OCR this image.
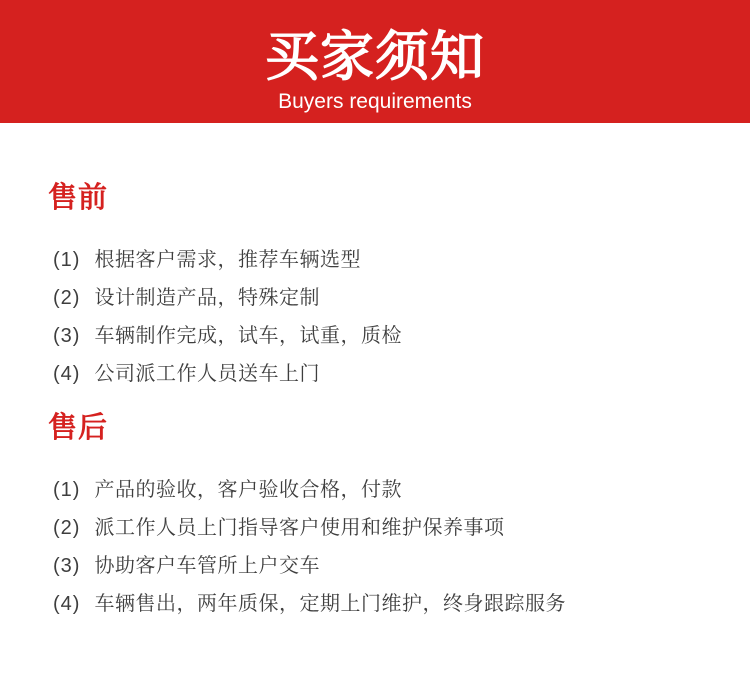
买家须知
Buyers requirements
售前
(1) 根据客户需求，推荐车辆选型
(2) 设计制造产品，特殊定制
(3) 车辆制作完成，试车，试重，质检
(4) 公司派工作人员送车上门
售后
(1) 产品的验收，客户验收合格，付款
(2) 派工作人员上门指导客户使用和维护保养事项
(3) 协助客户车管所上户交车
(4) 车辆售出，两年质保，定期上门维护，终身跟踪服务
